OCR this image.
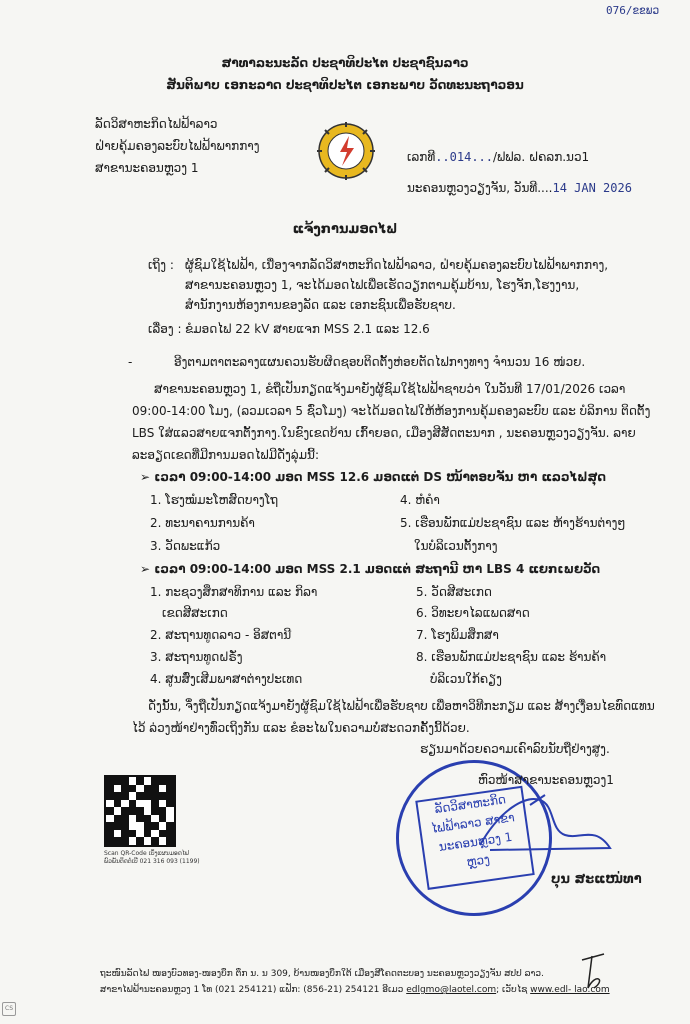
076/ຂຂພວ
ສາທາລະນະລັດ ປະຊາທິປະໄຕ ປະຊາຊົນລາວ
ສັນຕິພາບ ເອກະລາດ ປະຊາທິປະໄຕ ເອກະພາບ ວັດທະນະຖາວອນ
ລັດວິສາຫະກິດໄຟຟ້າລາວ
ຝ່າຍຄຸ້ມຄອງລະບົບໄຟຟ້າພາກກາງ
ສາຂານະຄອນຫຼວງ 1
ເລກທີ..014.../ຟຟລ. ຝຄລກ.ນວ1
ນະຄອນຫຼວງວຽງຈັນ, ວັນທີ....14 JAN 2026
ແຈ້ງການມອດໄຟ
ເຖິງ : ຜູ້ຊົມໃຊ້ໄຟຟ້າ, ເນື່ອງຈາກລັດວິສາຫະກິດໄຟຟ້າລາວ, ຝ່າຍຄຸ້ມຄອງລະບົບໄຟຟ້າພາກກາງ,
ສາຂານະຄອນຫຼວງ 1, ຈະໄດ້ມອດໄຟເພື່ອເຮັດວຽກຕາມຄຸ້ມບ້ານ, ໂຮງຈັກ,ໂຮງງານ,
ສຳນັກງານຫ້ອງການຂອງລັດ ແລະ ເອກະຊົນເພື່ອຮັບຊາບ.
ເລື່ອງ : ຂໍມອດໄຟ 22 kV ສາຍແຈກ MSS 2.1 ແລະ 12.6
-	ອີງຕາມຕາຕະລາງແຜນຄວນຮັບຜິດຊອບຕິດຕັ້ງຫ່ອຍຕັດໄຟກາງທາງ ຈຳນວນ 16 ໜ່ວຍ.
ສາຂານະຄອນຫຼວງ 1, ຂໍຖືເປັນກຽດແຈ້ງມາຍັງຜູ້ຊົມໃຊ້ໄຟຟ້າຊາບວ່າ ໃນວັນທີ 17/01/2026 ເວລາ
09:00-14:00 ໂມງ, (ລວມເວລາ 5 ຊົ່ວໂມງ) ຈະໄດ້ມອດໄຟໃຫ້ຫ້ອງການຄຸ້ມຄອງລະບົບ ແລະ ບໍລິການ ຕິດຕັ້ງ
LBS ໃສ່ແລວສາຍແຈກຕັ້ງກາງ.ໃນຂົງເຂດບ້ານ ເກົ້າຍອດ, ເມືອງສີສັດຕະນາກ , ນະຄອນຫຼວງວຽງຈັນ. ລາຍ
ລະອຽດເຂດທີ່ມີການມອດໄຟມີດັ່ງລຸ່ມນີ້:
➢ ເວລາ 09:00-14:00 ມອດ MSS 12.6 ມອດແຕ່ DS ໜ້າຕອບຈັນ ຫາ ແລວໄຟສຸດ
1. ໂຮງໝໍມະໂຫສົດບາງໂຖ
2. ທະນາຄານການຄ້າ
3. ວັດພະແກ້ວ
4. ຫໍຄໍາ
5. ເຮືອນພັກແມ່ປະຊາຊົນ ແລະ ຫ້າງຮ້ານຕ່າງໆ
ໃນບໍລິເວນຕັ້ງກາງ
➢ ເວລາ 09:00-14:00 ມອດ MSS 2.1 ມອດແຕ່ ສະຖານີ ຫາ LBS 4 ແຍກເພຍວັດ
1. ກະຊວງສຶກສາທິການ ແລະ ກິລາ
ເຂດສີສະເກດ
2. ສະຖານທູດລາວ - ອິສຕານີ
3. ສະຖານທູດຝຣັ່ງ
4. ສູນສົ່ງເສີມພາສາຕ່າງປະເທດ
5. ວັດສີສະເກດ
6. ວິທະຍາໄລແພດສາດ
7. ໂຮງພິມສຶກສາ
8. ເຮືອນພັກແມ່ປະຊາຊົນ ແລະ ຮ້ານຄ້າ
ບໍລິເວນໃກ້ຄຽງ
ດັ່ງນັ້ນ, ຈຶ່ງຖືເປັນກຽດແຈ້ງມາຍັງຜູ້ຊົມໃຊ້ໄຟຟ້າເພື່ອຮັບຊາບ ເພື່ອຫາວິທີກະກຽມ ແລະ ສ້າງເງື່ອນໄຂທົດແທນ
ໄວ້ ລ່ວງໜ້າຢ່າງທົ່ວເຖິງກັນ ແລະ ຂໍອະໄພໃນຄວາມບໍ່ສະດວກຄັ້ງນີ້ດ້ວຍ.
ຮຽນມາດ້ວຍຄວາມເຄົາລົບນັບຖືຢ່າງສູງ.
Scan QR-Code ເບິ່ງແຜນມອດໄຟ
ພົວພັນຕິດຕໍ່ເບີ 021 316 093 (1199)
ລັດວິສາຫະກິດ
ໄຟຟ້າລາວ ສາຂາ
ນະຄອນຫຼວງ 1
ຫຼວງ
ຫົວໜ້າສາຂານະຄອນຫຼວງ1
ບຸນ ສະແໜ່ທາ
ຖະໜົນລັດໄຟ ໜອງບົວທອງ-ໜອງບຶກ ຕຶກ ນ. ນ 309, ບ້ານໜອງບຶກໃຕ້ ເມືອງສີໂຄດຕະບອງ ນະຄອນຫຼວງວຽງຈັນ ສປປ ລາວ.
ສາຂາໄຟຟ້ານະຄອນຫຼວງ 1 ໂທ (021 254121) ແຟັກ: (856-21) 254121 ອີເມວ edlgmo@laotel.com; ເວັບໄຊ www.edl- lao.com
CS
